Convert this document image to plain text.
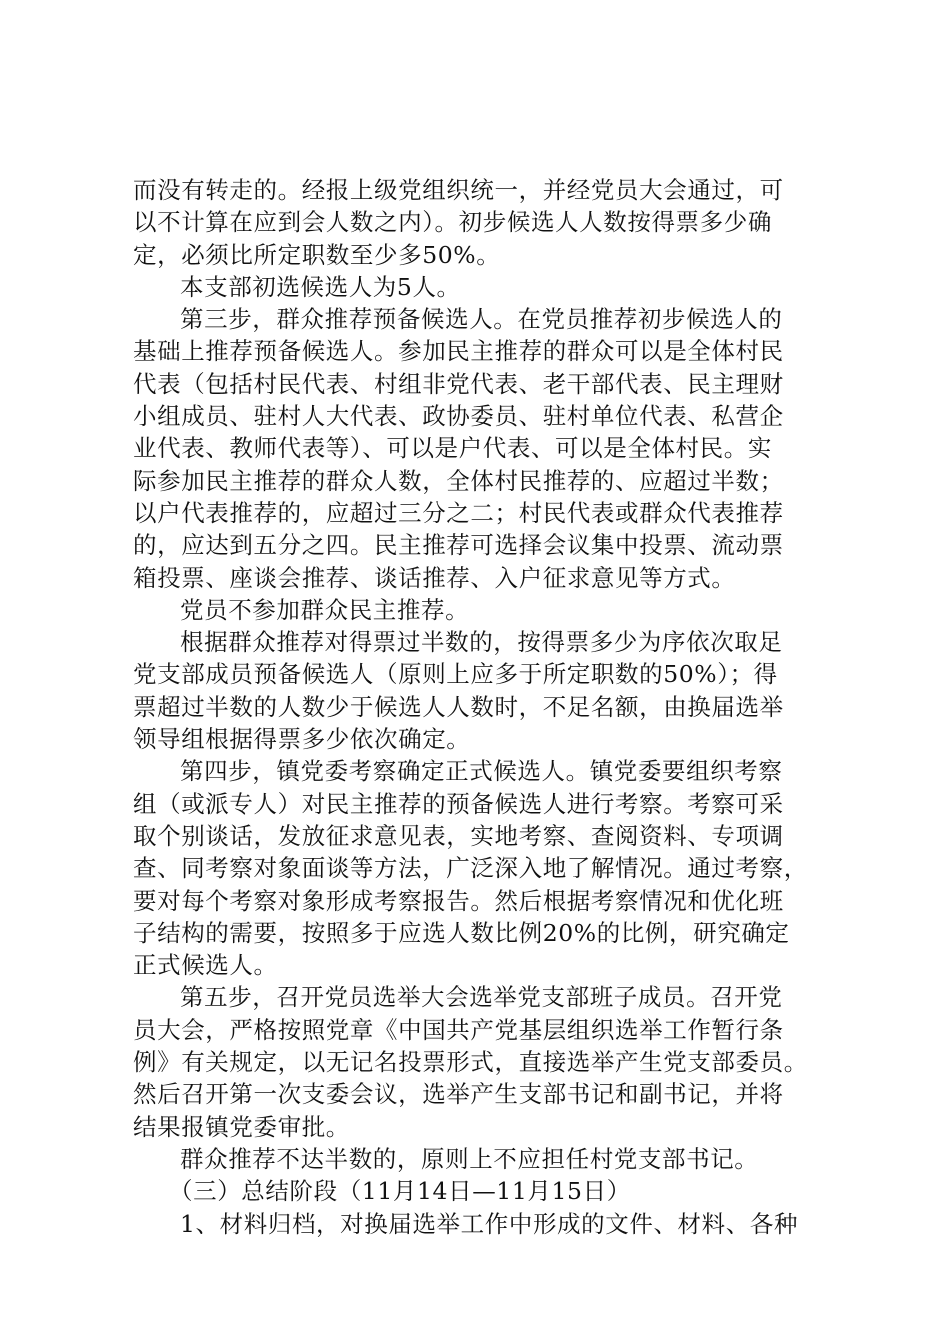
而没有转走的。经报上级党组织统一，并经党员大会通过，可
以不计算在应到会人数之内）。初步候选人人数按得票多少确
定，必须比所定职数至少多50%。
本支部初选候选人为5人。
第三步，群众推荐预备候选人。在党员推荐初步候选人的
基础上推荐预备候选人。参加民主推荐的群众可以是全体村民
代表（包括村民代表、村组非党代表、老干部代表、民主理财
小组成员、驻村人大代表、政协委员、驻村单位代表、私营企
业代表、教师代表等）、可以是户代表、可以是全体村民。实
际参加民主推荐的群众人数，全体村民推荐的、应超过半数；
以户代表推荐的，应超过三分之二；村民代表或群众代表推荐
的，应达到五分之四。民主推荐可选择会议集中投票、流动票
箱投票、座谈会推荐、谈话推荐、入户征求意见等方式。
党员不参加群众民主推荐。
根据群众推荐对得票过半数的，按得票多少为序依次取足
党支部成员预备候选人（原则上应多于所定职数的50%）；得
票超过半数的人数少于候选人人数时，不足名额，由换届选举
领导组根据得票多少依次确定。
第四步，镇党委考察确定正式候选人。镇党委要组织考察
组（或派专人）对民主推荐的预备候选人进行考察。考察可采
取个别谈话，发放征求意见表，实地考察、查阅资料、专项调
查、同考察对象面谈等方法，广泛深入地了解情况。通过考察，
要对每个考察对象形成考察报告。然后根据考察情况和优化班
子结构的需要，按照多于应选人数比例20%的比例，研究确定
正式候选人。
第五步，召开党员选举大会选举党支部班子成员。召开党
员大会，严格按照党章《中国共产党基层组织选举工作暂行条
例》有关规定，以无记名投票形式，直接选举产生党支部委员。
然后召开第一次支委会议，选举产生支部书记和副书记，并将
结果报镇党委审批。
群众推荐不达半数的，原则上不应担任村党支部书记。
（三）总结阶段（11月14日—11月15日）
1、材料归档，对换届选举工作中形成的文件、材料、各种
